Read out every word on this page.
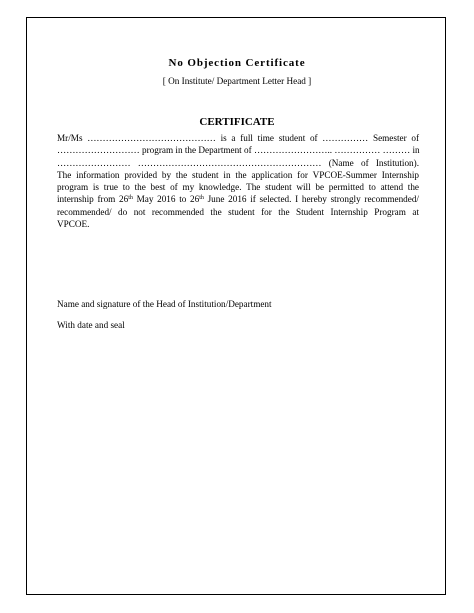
No Objection Certificate

[ On Institute/ Department Letter Head ]

CERTIFICATE

Mr/Ms …………………………………… is a full time student of …………… Semester of
……………………… program in the Department of …………………….. …………… ……… in
…………………… …………………………………………………… (Name of Institution).
The information provided by the student in the application for VPCOE-Summer Internship
program is true to the best of my knowledge. The student will be permitted to attend the
internship from 26th May 2016 to 26th June 2016 if selected. I hereby strongly recommended/
recommended/ do not recommended the student for the Student Internship Program at
VPCOE.

Name and signature of the Head of Institution/Department

With date and seal
